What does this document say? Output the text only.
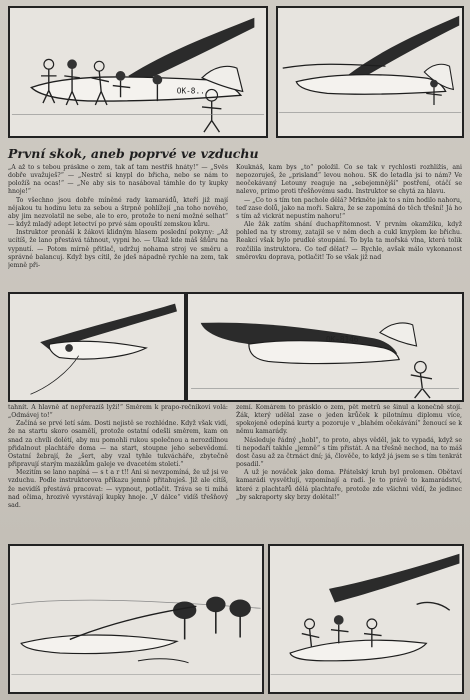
OK-8..
První skok, aneb poprvé ve vzduchu

„A až to s tebou práskne o zem, tak ať tam nestříš hnáty!“ — „Svěs dobře uvažuješ?“ — „Nestrč si knypl do břicha, nebo se nám to položíš na ocas!“ — „Ne aby sis to nasáboval támhle do ty kupky hnoje!“

To všechno jsou dobře míněné rady kamarádů, kteří již mají nějakou tu hodinu letu za sebou a štrpně pohlížejí „na toho nového, aby jim nezvolatil ne sebe, ale to ero, protože to není možné selhat“ — když mladý adept letectví po prvé sám opouští zemskou kůru.

Instruktor pronáší k žákovi klidným hlasem poslední pokyny: „Až ucítíš, že lano přestává táhnout, vypni ho. — Ukaž kde máš šňůru na vypnutí. — Potom mírně přitlač, udržuj nohama stroj ve směru a správné balancuj. Když bys cítil, že jdeš nápadně rychle na zem, tak jemně při-

Kouknáš, kam bys „to“ položil. Co se tak v rychlosti rozhlížís, ani nepozoruješ, že „prisland“ levou nohou. SK do letadla jsi to nám? Ve neočekávaný Letouny reaguje na „sebejemnější“ postření, otáčí se nalevo, primo proti třešňovému sadu. Instruktor se chytá za hlavu.

— „Co to s tím ten pachole dělá? Mrkněte jak to s ním hodilo nahoru, teď zase dolů, jako na moři. Sakra, že se zapomíná do těch třešní! Já ho s tím až vickrát nepustím nahoru!“

Ale žák zatím shání duchapřítomnost. V prvním okamžiku, když pohled na ty stromy, zatajil se v něm dech a cukl knyplem ke břichu. Reakcí však bylo prudké stoupání. To byla ta mořská vlna, která tolik rozčilila instruktora. Co teď dělat? — Rychle, avšak málo vykonanost směrovku doprava, potlačit! To se však již nad

OK-8146

tahnít. A hlavně ať nepřerazíš lyži!“ Směrem k prapo-rečníkovi volá: „Odmávej to!“

Začíná se prvé letí sám. Dosti nejistě se rozhlédne. Když však vidí, že na startu skoro osamělí, protože ostatní odešli směrem, kam on snad za chvíli dolétí, aby mu pomohli rukou společnou a nerozdílnou přidalnout plachtáře doma — na start, stoupne jeho sebevědomí. Ostatní žebrají, že „šert, aby vzal tyhle tukvácháře, zbytečně připravují starým mazákům galeje ve dvacetém století.“

Mezitím se lano napíná — s t a r t!! Ani si nevzpomíná, že už jsi ve vzduchu. Podle instruktorova příkazu jemně přitahuješ. Již ale cítíš, že nevidíš přestává pracovat: — vypnout, potlačit. Tráva se ti mihá nad očima, hrozivě vyvstávají kupky hnoje. „V dálce“ vidíš třešňový sad.

zemí. Komárem to prásklo o zem, pět metrů se šinul a konečně stojí. Žák, který udělal zase o jeden krůček k pilotnímu diplomu více, spokojeně odepíná kurty a pozoruje v „blahém očekávání“ ženoucí se k němu kamarády.

Následuje řádný „hobl“, to proto, abys věděl, jak to vypadá, když se ti nepodaří takhle „jemně“ s tím přistát. A na třešně nechod, na to máš dost času až za čtrnáct dní; já, člověče, to když já jsem se s tím tenkrát posadil.“

A už je nováček jako doma. Přátelský kruh byl prolomen. Obětaví kamarádi vysvětlují, vzpomínají a radí. Je to právě to kamarádství, které z plachtařů dělá plachtaře, protože zde všichni vědí, že jedinec „by sakraporty sky brzy dolétal!“
